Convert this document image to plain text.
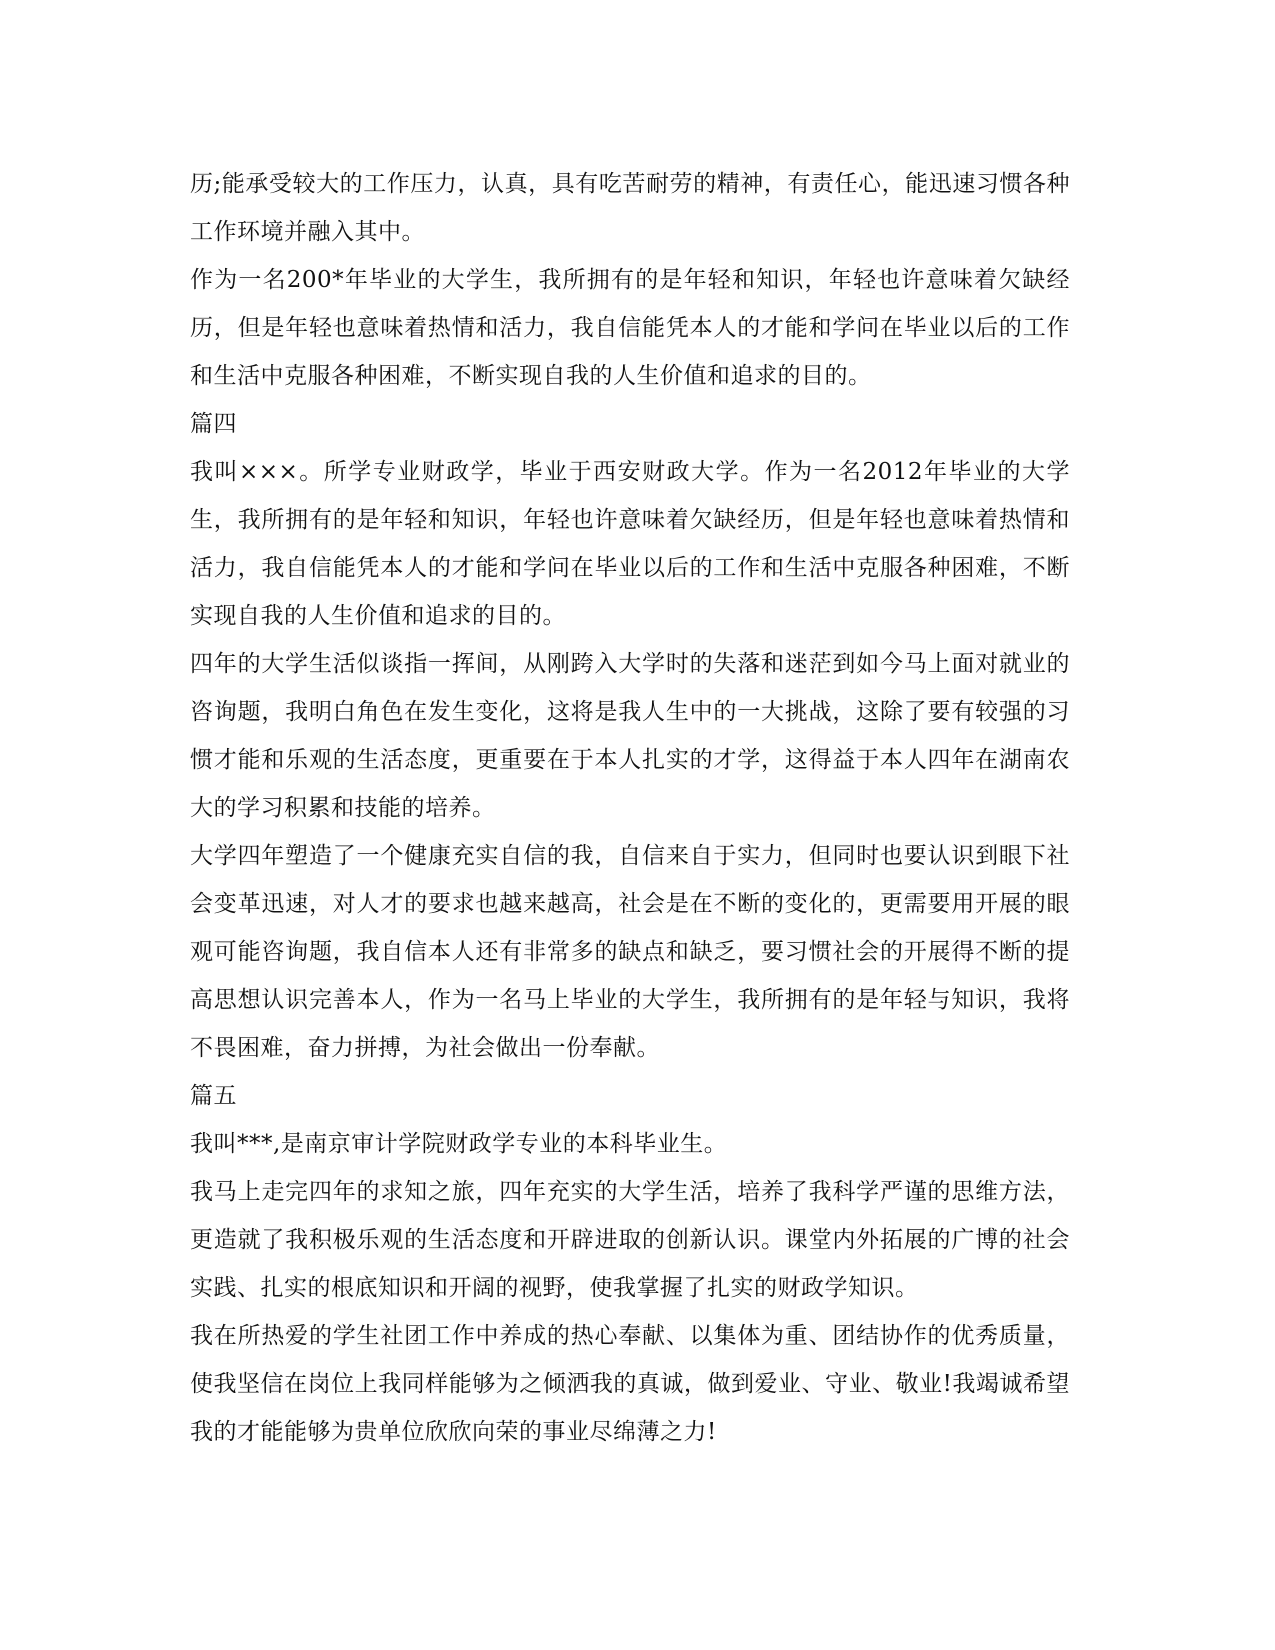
历;能承受较大的工作压力，认真，具有吃苦耐劳的精神，有责任心，能迅速习惯各种工作环境并融入其中。

作为一名200*年毕业的大学生，我所拥有的是年轻和知识，年轻也许意味着欠缺经历，但是年轻也意味着热情和活力，我自信能凭本人的才能和学问在毕业以后的工作和生活中克服各种困难，不断实现自我的人生价值和追求的目的。

篇四

我叫×××。所学专业财政学，毕业于西安财政大学。作为一名2012年毕业的大学生，我所拥有的是年轻和知识，年轻也许意味着欠缺经历，但是年轻也意味着热情和活力，我自信能凭本人的才能和学问在毕业以后的工作和生活中克服各种困难，不断实现自我的人生价值和追求的目的。

四年的大学生活似谈指一挥间，从刚跨入大学时的失落和迷茫到如今马上面对就业的咨询题，我明白角色在发生变化，这将是我人生中的一大挑战，这除了要有较强的习惯才能和乐观的生活态度，更重要在于本人扎实的才学，这得益于本人四年在湖南农大的学习积累和技能的培养。

大学四年塑造了一个健康充实自信的我，自信来自于实力，但同时也要认识到眼下社会变革迅速，对人才的要求也越来越高，社会是在不断的变化的，更需要用开展的眼观可能咨询题，我自信本人还有非常多的缺点和缺乏，要习惯社会的开展得不断的提高思想认识完善本人，作为一名马上毕业的大学生，我所拥有的是年轻与知识，我将不畏困难，奋力拼搏，为社会做出一份奉献。

篇五

我叫***,是南京审计学院财政学专业的本科毕业生。

我马上走完四年的求知之旅，四年充实的大学生活，培养了我科学严谨的思维方法，更造就了我积极乐观的生活态度和开辟进取的创新认识。课堂内外拓展的广博的社会实践、扎实的根底知识和开阔的视野，使我掌握了扎实的财政学知识。

我在所热爱的学生社团工作中养成的热心奉献、以集体为重、团结协作的优秀质量，使我坚信在岗位上我同样能够为之倾洒我的真诚，做到爱业、守业、敬业!我竭诚希望我的才能能够为贵单位欣欣向荣的事业尽绵薄之力!
